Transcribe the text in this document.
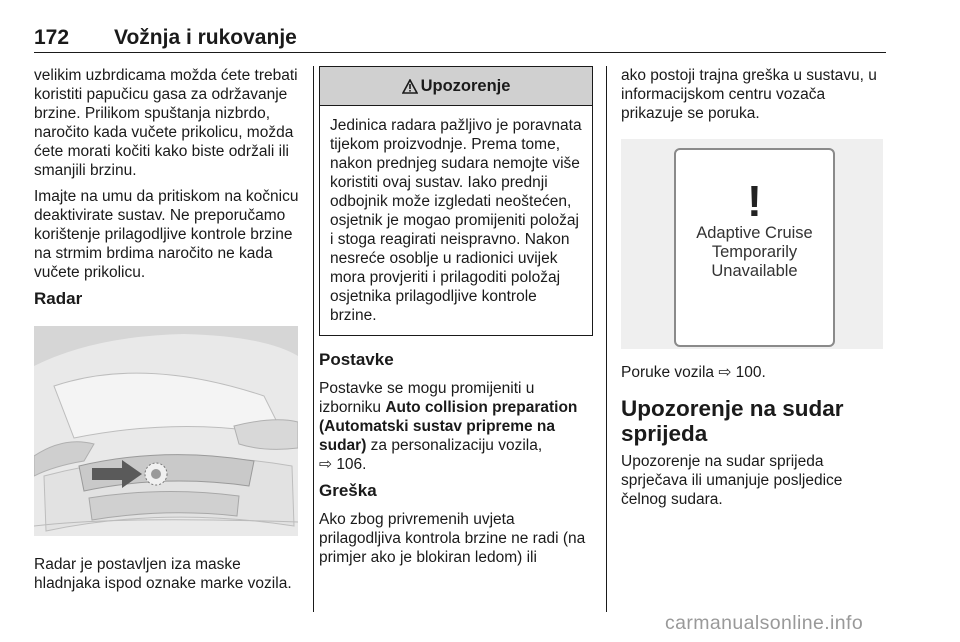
172 Vožnja i rukovanje

velikim uzbrdicama možda ćete trebati koristiti papučicu gasa za održavanje brzine. Prilikom spuštanja nizbrdo, naročito kada vučete prikolicu, možda ćete morati kočiti kako biste održali ili smanjili brzinu.

Imajte na umu da pritiskom na kočnicu deaktivirate sustav. Ne preporučamo korištenje prilagodljive kontrole brzine na strmim brdima naročito ne kada vučete prikolicu.

Radar

Radar je postavljen iza maske hladnjaka ispod oznake marke vozila.

Upozorenje
Jedinica radara pažljivo je poravnata tijekom proizvodnje. Prema tome, nakon prednjeg sudara nemojte više koristiti ovaj sustav. Iako prednji odbojnik može izgledati neoštećen, osjetnik je mogao promijeniti položaj i stoga reagirati neispravno. Nakon nesreće osoblje u radionici uvijek mora provjeriti i prilagoditi položaj osjetnika prilagodljive kontrole brzine.
Postavke

Postavke se mogu promijeniti u izborniku Auto collision preparation (Automatski sustav pripreme na sudar) za personalizaciju vozila,
⇨ 106.

Greška

Ako zbog privremenih uvjeta prilagodljiva kontrola brzine ne radi (na primjer ako je blokiran ledom) ili

ako postoji trajna greška u sustavu, u informacijskom centru vozača prikazuje se poruka.

!
Adaptive Cruise
Temporarily
Unavailable

Poruke vozila ⇨ 100.

Upozorenje na sudar sprijeda

Upozorenje na sudar sprijeda sprječava ili umanjuje posljedice čelnog sudara.

carmanualsonline.info
